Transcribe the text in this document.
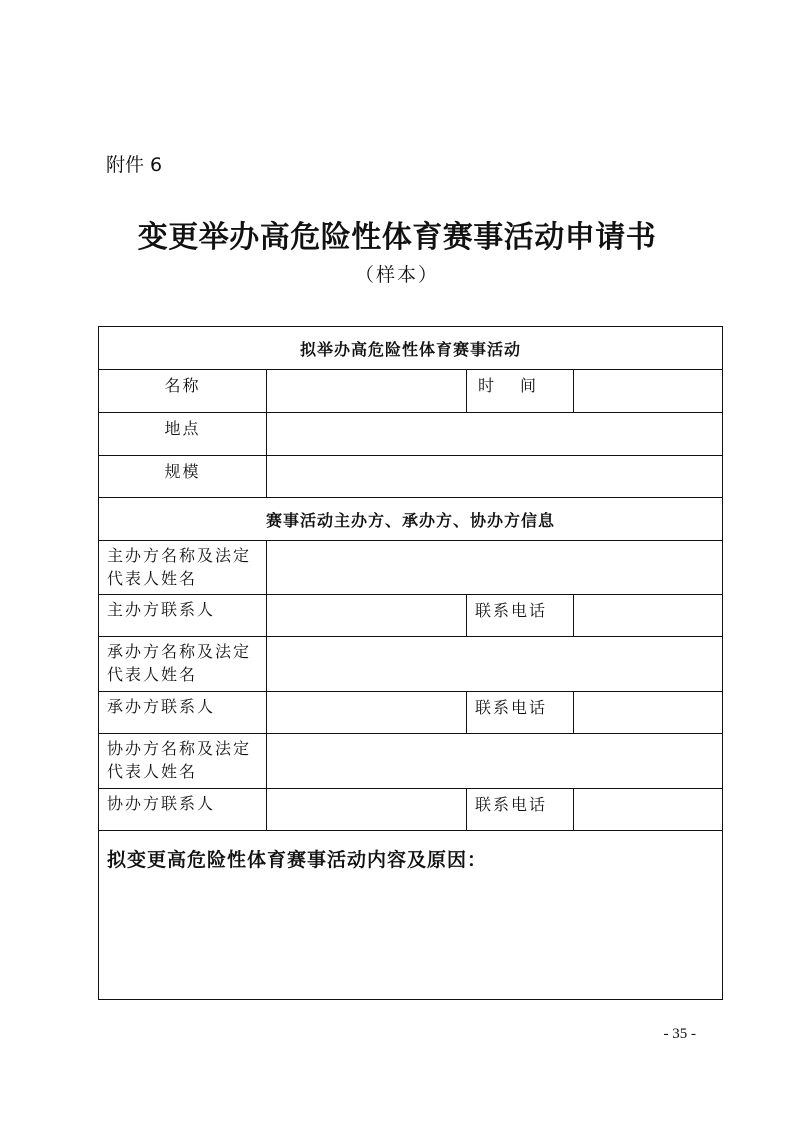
附件 6
变更举办高危险性体育赛事活动申请书
（样本）
拟举办高危险性体育赛事活动			
名称		时间	
地点			
规模			
赛事活动主办方、承办方、协办方信息			
主办方名称及法定代表人姓名			
主办方联系人		联系电话	
承办方名称及法定代表人姓名			
承办方联系人		联系电话	
协办方名称及法定代表人姓名			
协办方联系人		联系电话	
拟变更高危险性体育赛事活动内容及原因：			
- 35 -
